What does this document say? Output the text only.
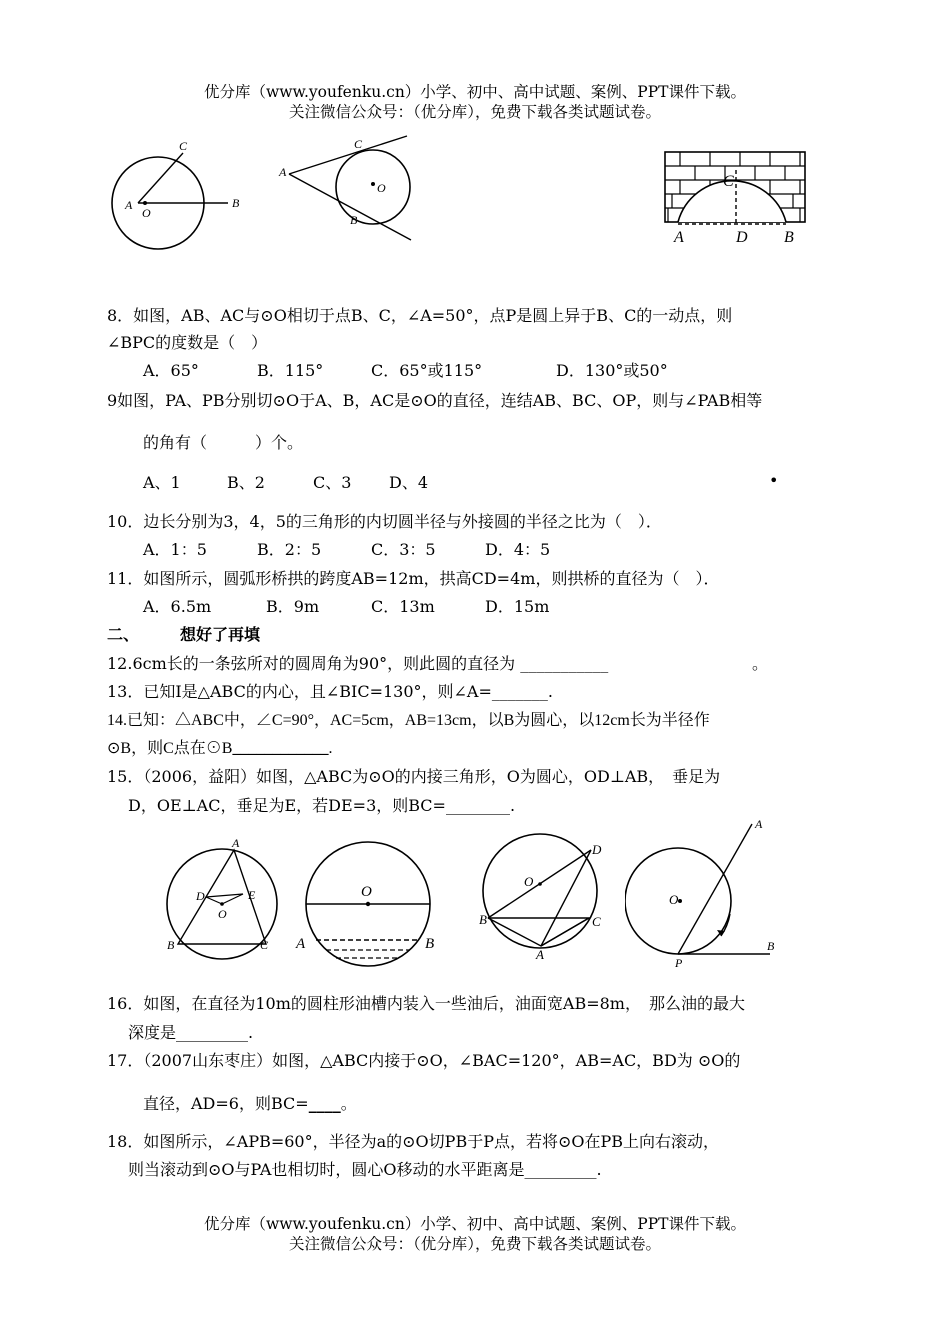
优分库（www.youfenku.cn）小学、初中、高中试题、案例、PPT课件下载。
关注微信公众号：（优分库），免费下载各类试题试卷。
C
A
O
B
A
C
O
B
C
A	D B
8．如图，AB、AC与⊙O相切于点B、C，∠A=50°，点P是圆上异于B、C的一动点，则
∠BPC的度数是（　）
A．65°	B．115°	C．65°或115°	D．130°或50°
9如图，PA、PB分别切⊙O于A、B，AC是⊙O的直径，连结AB、BC、OP，则与∠PAB相等
的角有（　　　）个。
A、1	B、2	C、3 D、4	•
10．边长分别为3，4，5的三角形的内切圆半径与外接圆的半径之比为（　）．
A．1：5	B．2：5	C．3：5	D．4：5
11．如图所示，圆弧形桥拱的跨度AB=12m，拱高CD=4m，则拱桥的直径为（　）．
A．6.5m	B．9m	C．13m	D．15m
二、	想好了再填
12.6cm长的一条弦所对的圆周角为90°，则此圆的直径为 ___________	。
13．已知I是△ABC的内心，且∠BIC=130°，则∠A=_______.
14.已知：△ABC中，∠C=90°，AC=5cm，AB=13cm，以B为圆心，以12cm长为半径作
⊙B，则C点在⊙B____________.
15．（2006，益阳）如图，△ABC为⊙O的内接三角形，O为圆心，OD⊥AB，　垂足为
D，OE⊥AC，垂足为E，若DE=3，则BC=________.
A
D	E
O
B	C
O
A	B
D
O
B	C
A
A
O
P
B
16．如图，在直径为10m的圆柱形油槽内装入一些油后，油面宽AB=8m，　那么油的最大
深度是_________.
17．（2007山东枣庄）如图，△ABC内接于⊙O，∠BAC=120°，AB=AC，BD为 ⊙O的
直径，AD=6，则BC=____。
18．如图所示，∠APB=60°，半径为a的⊙O切PB于P点，若将⊙O在PB上向右滚动，
则当滚动到⊙O与PA也相切时，圆心O移动的水平距离是_________.
优分库（www.youfenku.cn）小学、初中、高中试题、案例、PPT课件下载。
关注微信公众号：（优分库），免费下载各类试题试卷。
